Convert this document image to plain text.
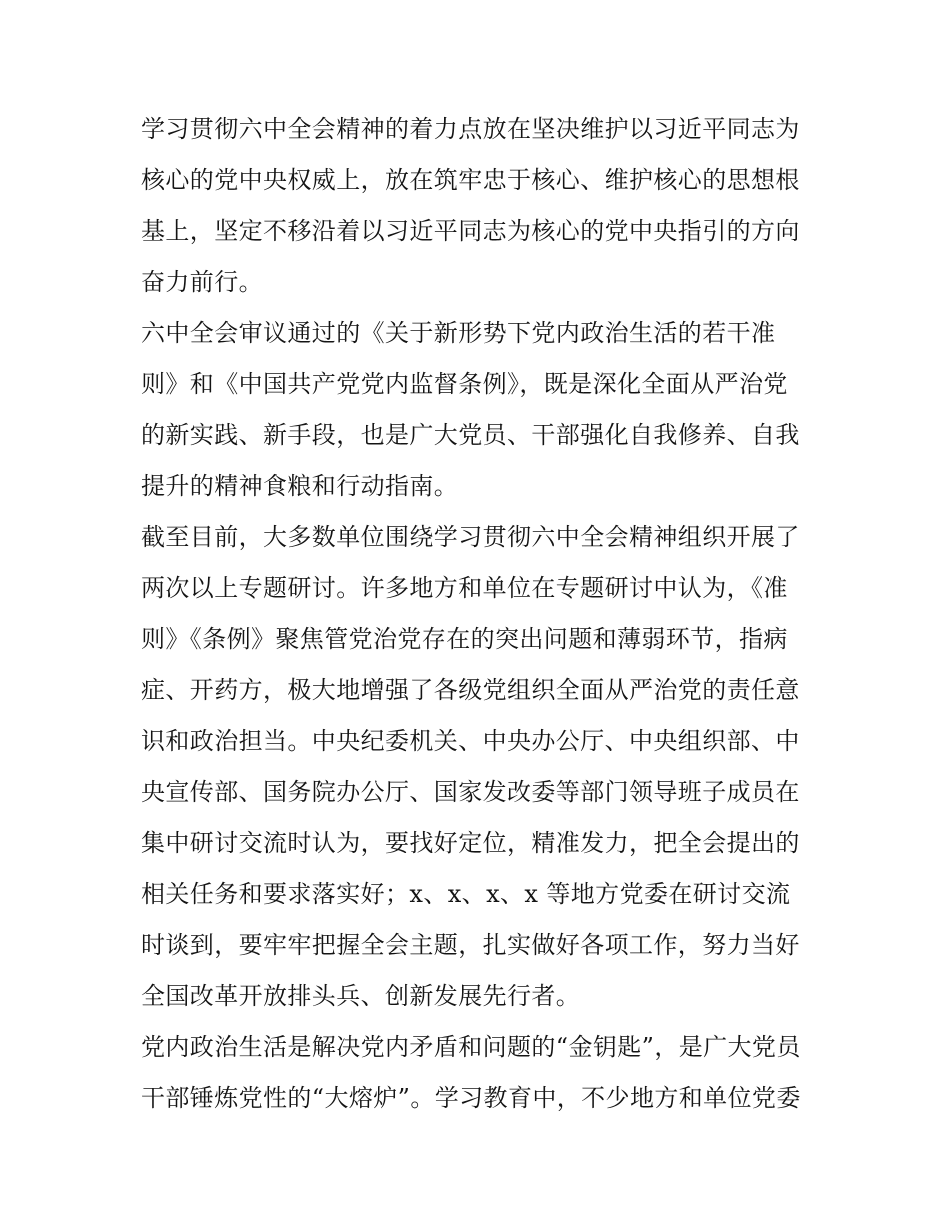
学习贯彻六中全会精神的着力点放在坚决维护以习近平同志为
核心的党中央权威上，放在筑牢忠于核心、维护核心的思想根
基上，坚定不移沿着以习近平同志为核心的党中央指引的方向
奋力前行。

六中全会审议通过的《关于新形势下党内政治生活的若干准
则》和《中国共产党党内监督条例》，既是深化全面从严治党
的新实践、新手段，也是广大党员、干部强化自我修养、自我
提升的精神食粮和行动指南。

截至目前，大多数单位围绕学习贯彻六中全会精神组织开展了
两次以上专题研讨。许多地方和单位在专题研讨中认为，《准
则》《条例》聚焦管党治党存在的突出问题和薄弱环节，指病
症、开药方，极大地增强了各级党组织全面从严治党的责任意
识和政治担当。中央纪委机关、中央办公厅、中央组织部、中
央宣传部、国务院办公厅、国家发改委等部门领导班子成员在
集中研讨交流时认为，要找好定位，精准发力，把全会提出的
相关任务和要求落实好；x、x、x、x 等地方党委在研讨交流
时谈到，要牢牢把握全会主题，扎实做好各项工作，努力当好
全国改革开放排头兵、创新发展先行者。

党内政治生活是解决党内矛盾和问题的“金钥匙”，是广大党员
干部锤炼党性的“大熔炉”。学习教育中，不少地方和单位党委
